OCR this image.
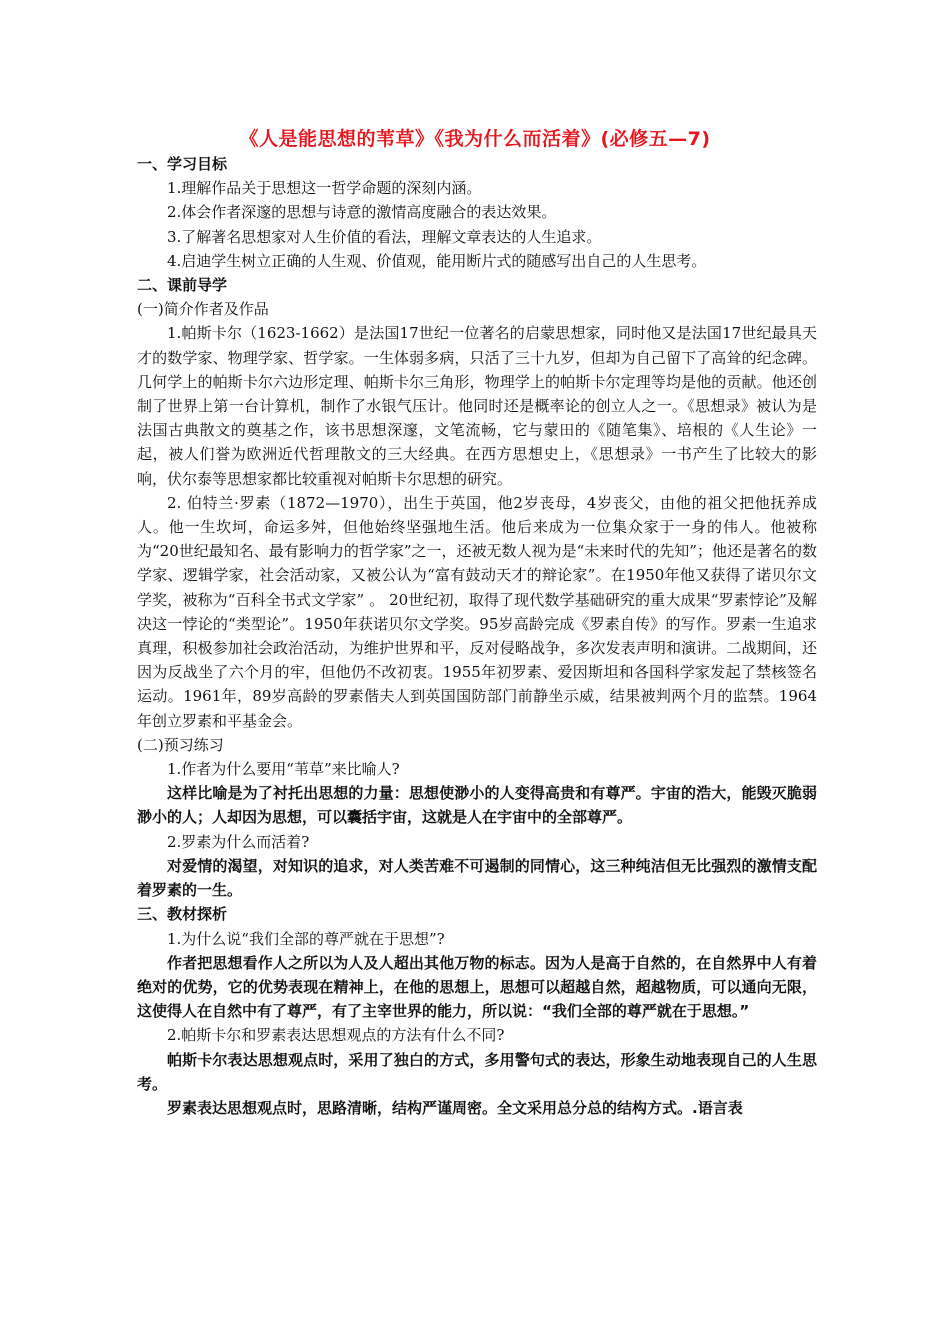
《人是能思想的苇草》《我为什么而活着》(必修五—7)

一、学习目标

1.理解作品关于思想这一哲学命题的深刻内涵。

2.体会作者深邃的思想与诗意的激情高度融合的表达效果。

3.了解著名思想家对人生价值的看法，理解文章表达的人生追求。

4.启迪学生树立正确的人生观、价值观，能用断片式的随感写出自己的人生思考。

二、课前导学

(一)简介作者及作品

1.帕斯卡尔（1623-1662）是法国17世纪一位著名的启蒙思想家，同时他又是法国17世纪最具天才的数学家、物理学家、哲学家。一生体弱多病，只活了三十九岁，但却为自己留下了高耸的纪念碑。几何学上的帕斯卡尔六边形定理、帕斯卡尔三角形，物理学上的帕斯卡尔定理等均是他的贡献。他还创制了世界上第一台计算机，制作了水银气压计。他同时还是概率论的创立人之一。《思想录》被认为是法国古典散文的奠基之作，该书思想深邃，文笔流畅，它与蒙田的《随笔集》、培根的《人生论》一起，被人们誉为欧洲近代哲理散文的三大经典。在西方思想史上，《思想录》一书产生了比较大的影响，伏尔泰等思想家都比较重视对帕斯卡尔思想的研究。

2. 伯特兰·罗素（1872—1970），出生于英国，他2岁丧母，4岁丧父，由他的祖父把他抚养成人。他一生坎坷，命运多舛，但他始终坚强地生活。他后来成为一位集众家于一身的伟人。他被称为“20世纪最知名、最有影响力的哲学家”之一，还被无数人视为是“未来时代的先知”；他还是著名的数学家、逻辑学家，社会活动家，又被公认为“富有鼓动天才的辩论家”。在1950年他又获得了诺贝尔文学奖，被称为“百科全书式文学家” 。 20世纪初，取得了现代数学基础研究的重大成果“罗素悖论”及解决这一悖论的“类型论”。1950年获诺贝尔文学奖。95岁高龄完成《罗素自传》的写作。罗素一生追求真理，积极参加社会政治活动，为维护世界和平，反对侵略战争，多次发表声明和演讲。二战期间，还因为反战坐了六个月的牢，但他仍不改初衷。1955年初罗素、爱因斯坦和各国科学家发起了禁核签名运动。1961年，89岁高龄的罗素偕夫人到英国国防部门前静坐示威，结果被判两个月的监禁。1964年创立罗素和平基金会。

(二)预习练习

1.作者为什么要用“苇草”来比喻人?

这样比喻是为了衬托出思想的力量：思想使渺小的人变得高贵和有尊严。宇宙的浩大，能毁灭脆弱渺小的人；人却因为思想，可以囊括宇宙，这就是人在宇宙中的全部尊严。

2.罗素为什么而活着?

对爱情的渴望，对知识的追求，对人类苦难不可遏制的同情心，这三种纯洁但无比强烈的激情支配着罗素的一生。

三、教材探析

1.为什么说“我们全部的尊严就在于思想”?

作者把思想看作人之所以为人及人超出其他万物的标志。因为人是高于自然的，在自然界中人有着绝对的优势，它的优势表现在精神上，在他的思想上，思想可以超越自然，超越物质，可以通向无限，这使得人在自然中有了尊严，有了主宰世界的能力，所以说：“我们全部的尊严就在于思想。”

2.帕斯卡尔和罗素表达思想观点的方法有什么不同?

帕斯卡尔表达思想观点时，采用了独白的方式，多用警句式的表达，形象生动地表现自己的人生思考。

罗素表达思想观点时，思路清晰，结构严谨周密。全文采用总分总的结构方式。.语言表
